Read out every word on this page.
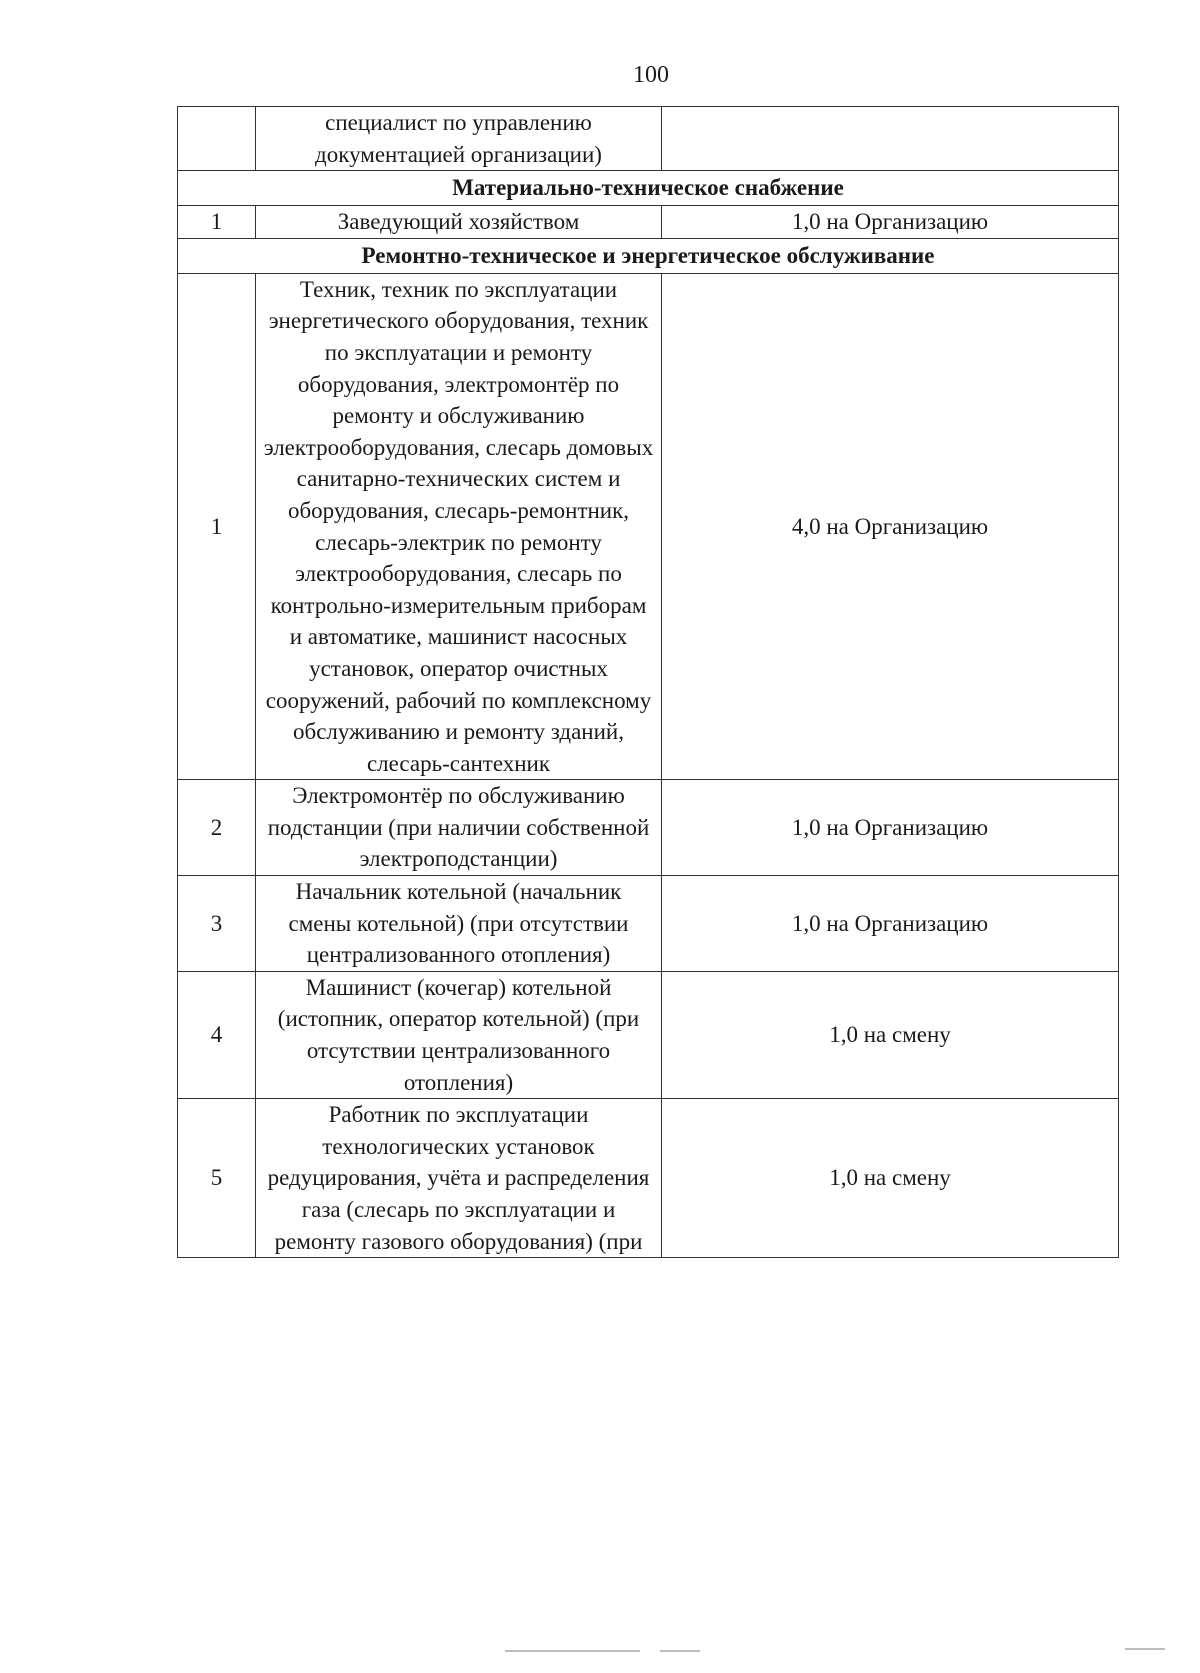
100

	специалист по управлению документацией организации)	

Материально-техническое снабжение		
1	Заведующий хозяйством	1,0 на Организацию
Ремонтно-техническое и энергетическое обслуживание		
1	Техник, техник по эксплуатации энергетического оборудования, техник по эксплуатации и ремонту оборудования, электромонтёр по ремонту и обслуживанию электрооборудования, слесарь домовых санитарно-технических систем и оборудования, слесарь-ремонтник, слесарь-электрик по ремонту электрооборудования, слесарь по контрольно-измерительным приборам и автоматике, машинист насосных установок, оператор очистных сооружений, рабочий по комплексному обслуживанию и ремонту зданий, слесарь-сантехник	4,0 на Организацию
2	Электромонтёр по обслуживанию подстанции (при наличии собственной электроподстанции)	1,0 на Организацию
3	Начальник котельной (начальник смены котельной) (при отсутствии централизованного отопления)	1,0 на Организацию
4	Машинист (кочегар) котельной (истопник, оператор котельной) (при отсутствии централизованного отопления)	1,0 на смену
5	Работник по эксплуатации технологических установок редуцирования, учёта и распределения газа (слесарь по эксплуатации и ремонту газового оборудования) (при	1,0 на смену
